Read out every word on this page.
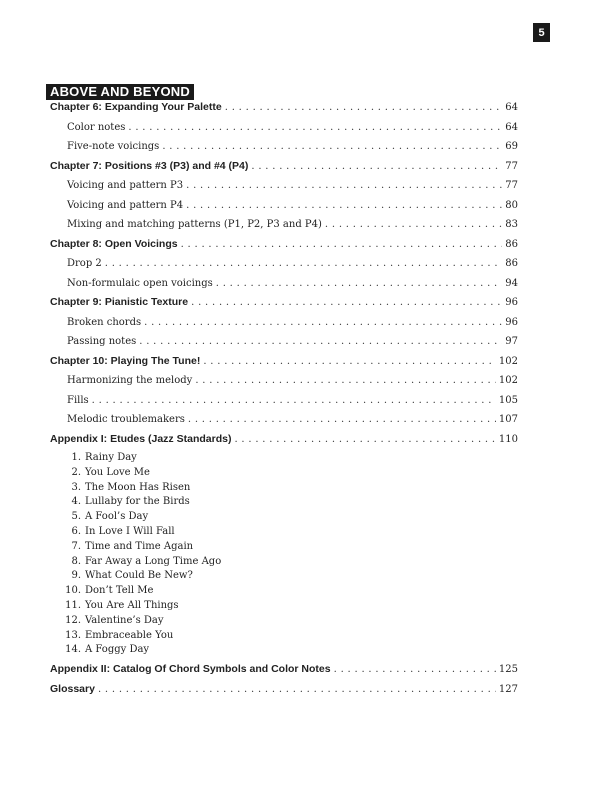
5
ABOVE AND BEYOND
Chapter 6: Expanding Your Palette . . .	64
Color notes . . .	64
Five-note voicings . . .	69
Chapter 7: Positions #3 (P3) and #4 (P4) . . .	77
Voicing and pattern P3 . . .	77
Voicing and pattern P4 . . .	80
Mixing and matching patterns (P1, P2, P3 and P4) . . .	83
Chapter 8: Open Voicings . . .	86
Drop 2 . . .	86
Non-formulaic open voicings . . .	94
Chapter 9: Pianistic Texture . . .	96
Broken chords . . .	96
Passing notes . . .	97
Chapter 10: Playing The Tune! . . .	102
Harmonizing the melody . . .	102
Fills . . .	105
Melodic troublemakers . . .	107
Appendix I: Etudes (Jazz Standards) . . .	110
1. Rainy Day
2. You Love Me
3. The Moon Has Risen
4. Lullaby for the Birds
5. A Fool’s Day
6. In Love I Will Fall
7. Time and Time Again
8. Far Away a Long Time Ago
9. What Could Be New?
10. Don’t Tell Me
11. You Are All Things
12. Valentine’s Day
13. Embraceable You
14. A Foggy Day
Appendix II: Catalog Of Chord Symbols and Color Notes . . .	125
Glossary . . .	127
